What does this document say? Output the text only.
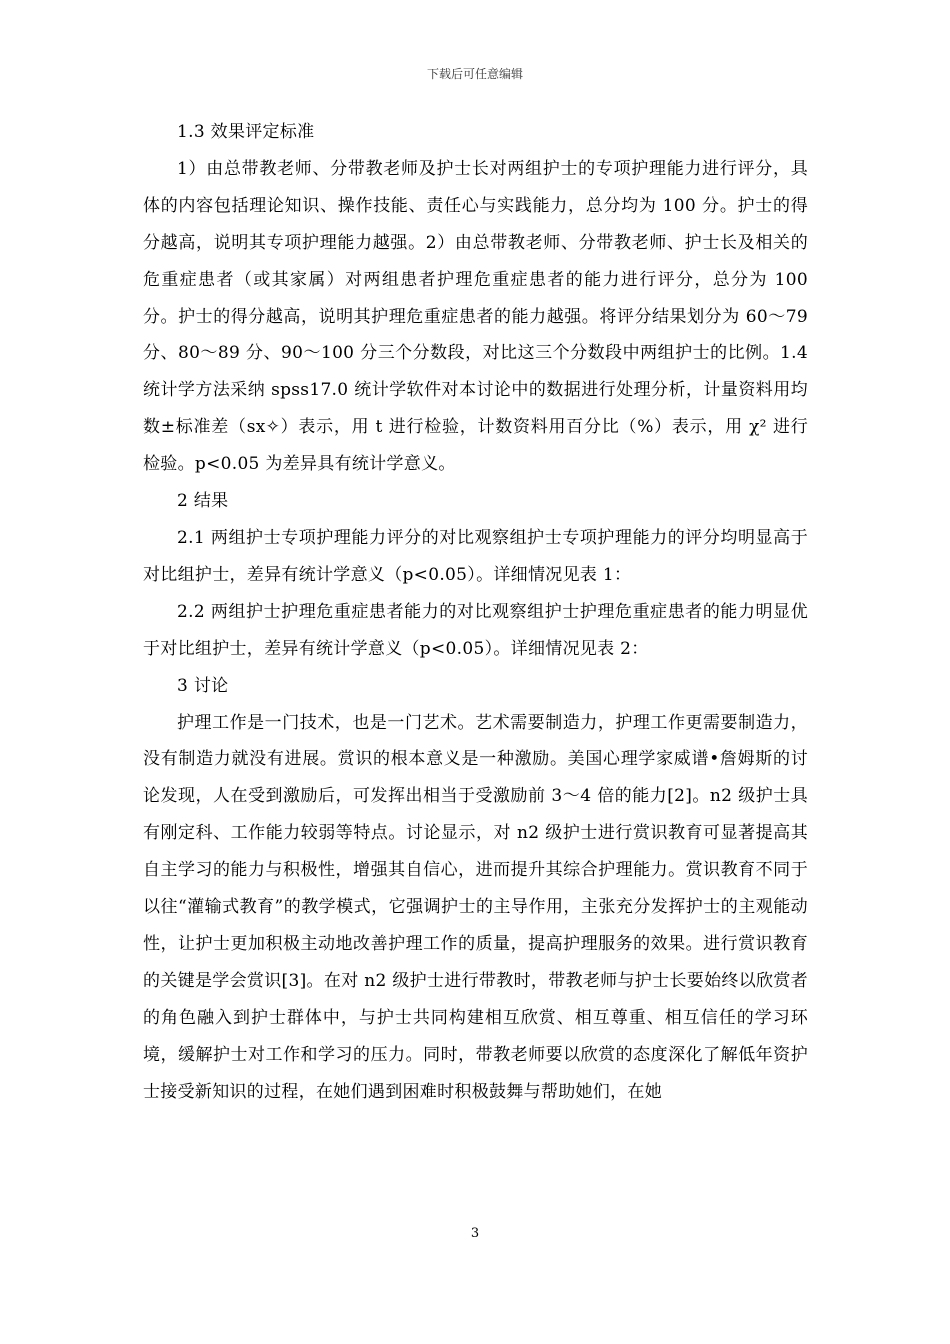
下载后可任意编辑

1.3 效果评定标准

1）由总带教老师、分带教老师及护士长对两组护士的专项护理能力进行评分，具体的内容包括理论知识、操作技能、责任心与实践能力，总分均为 100 分。护士的得分越高，说明其专项护理能力越强。2）由总带教老师、分带教老师、护士长及相关的危重症患者（或其家属）对两组患者护理危重症患者的能力进行评分，总分为 100 分。护士的得分越高，说明其护理危重症患者的能力越强。将评分结果划分为 60～79 分、80～89 分、90～100 分三个分数段，对比这三个分数段中两组护士的比例。1.4 统计学方法采纳 spss17.0 统计学软件对本讨论中的数据进行处理分析，计量资料用均数±标准差（sx✧）表示，用 t 进行检验，计数资料用百分比（%）表示，用 χ² 进行检验。p<0.05 为差异具有统计学意义。

2 结果

2.1 两组护士专项护理能力评分的对比观察组护士专项护理能力的评分均明显高于对比组护士，差异有统计学意义（p<0.05）。详细情况见表 1：

2.2 两组护士护理危重症患者能力的对比观察组护士护理危重症患者的能力明显优于对比组护士，差异有统计学意义（p<0.05）。详细情况见表 2：

3 讨论

护理工作是一门技术，也是一门艺术。艺术需要制造力，护理工作更需要制造力，没有制造力就没有进展。赏识的根本意义是一种激励。美国心理学家威谱•詹姆斯的讨论发现，人在受到激励后，可发挥出相当于受激励前 3～4 倍的能力[2]。n2 级护士具有刚定科、工作能力较弱等特点。讨论显示，对 n2 级护士进行赏识教育可显著提高其自主学习的能力与积极性，增强其自信心，进而提升其综合护理能力。赏识教育不同于以往“灌输式教育”的教学模式，它强调护士的主导作用，主张充分发挥护士的主观能动性，让护士更加积极主动地改善护理工作的质量，提高护理服务的效果。进行赏识教育的关键是学会赏识[3]。在对 n2 级护士进行带教时，带教老师与护士长要始终以欣赏者的角色融入到护士群体中，与护士共同构建相互欣赏、相互尊重、相互信任的学习环境，缓解护士对工作和学习的压力。同时，带教老师要以欣赏的态度深化了解低年资护士接受新知识的过程，在她们遇到困难时积极鼓舞与帮助她们，在她

3
